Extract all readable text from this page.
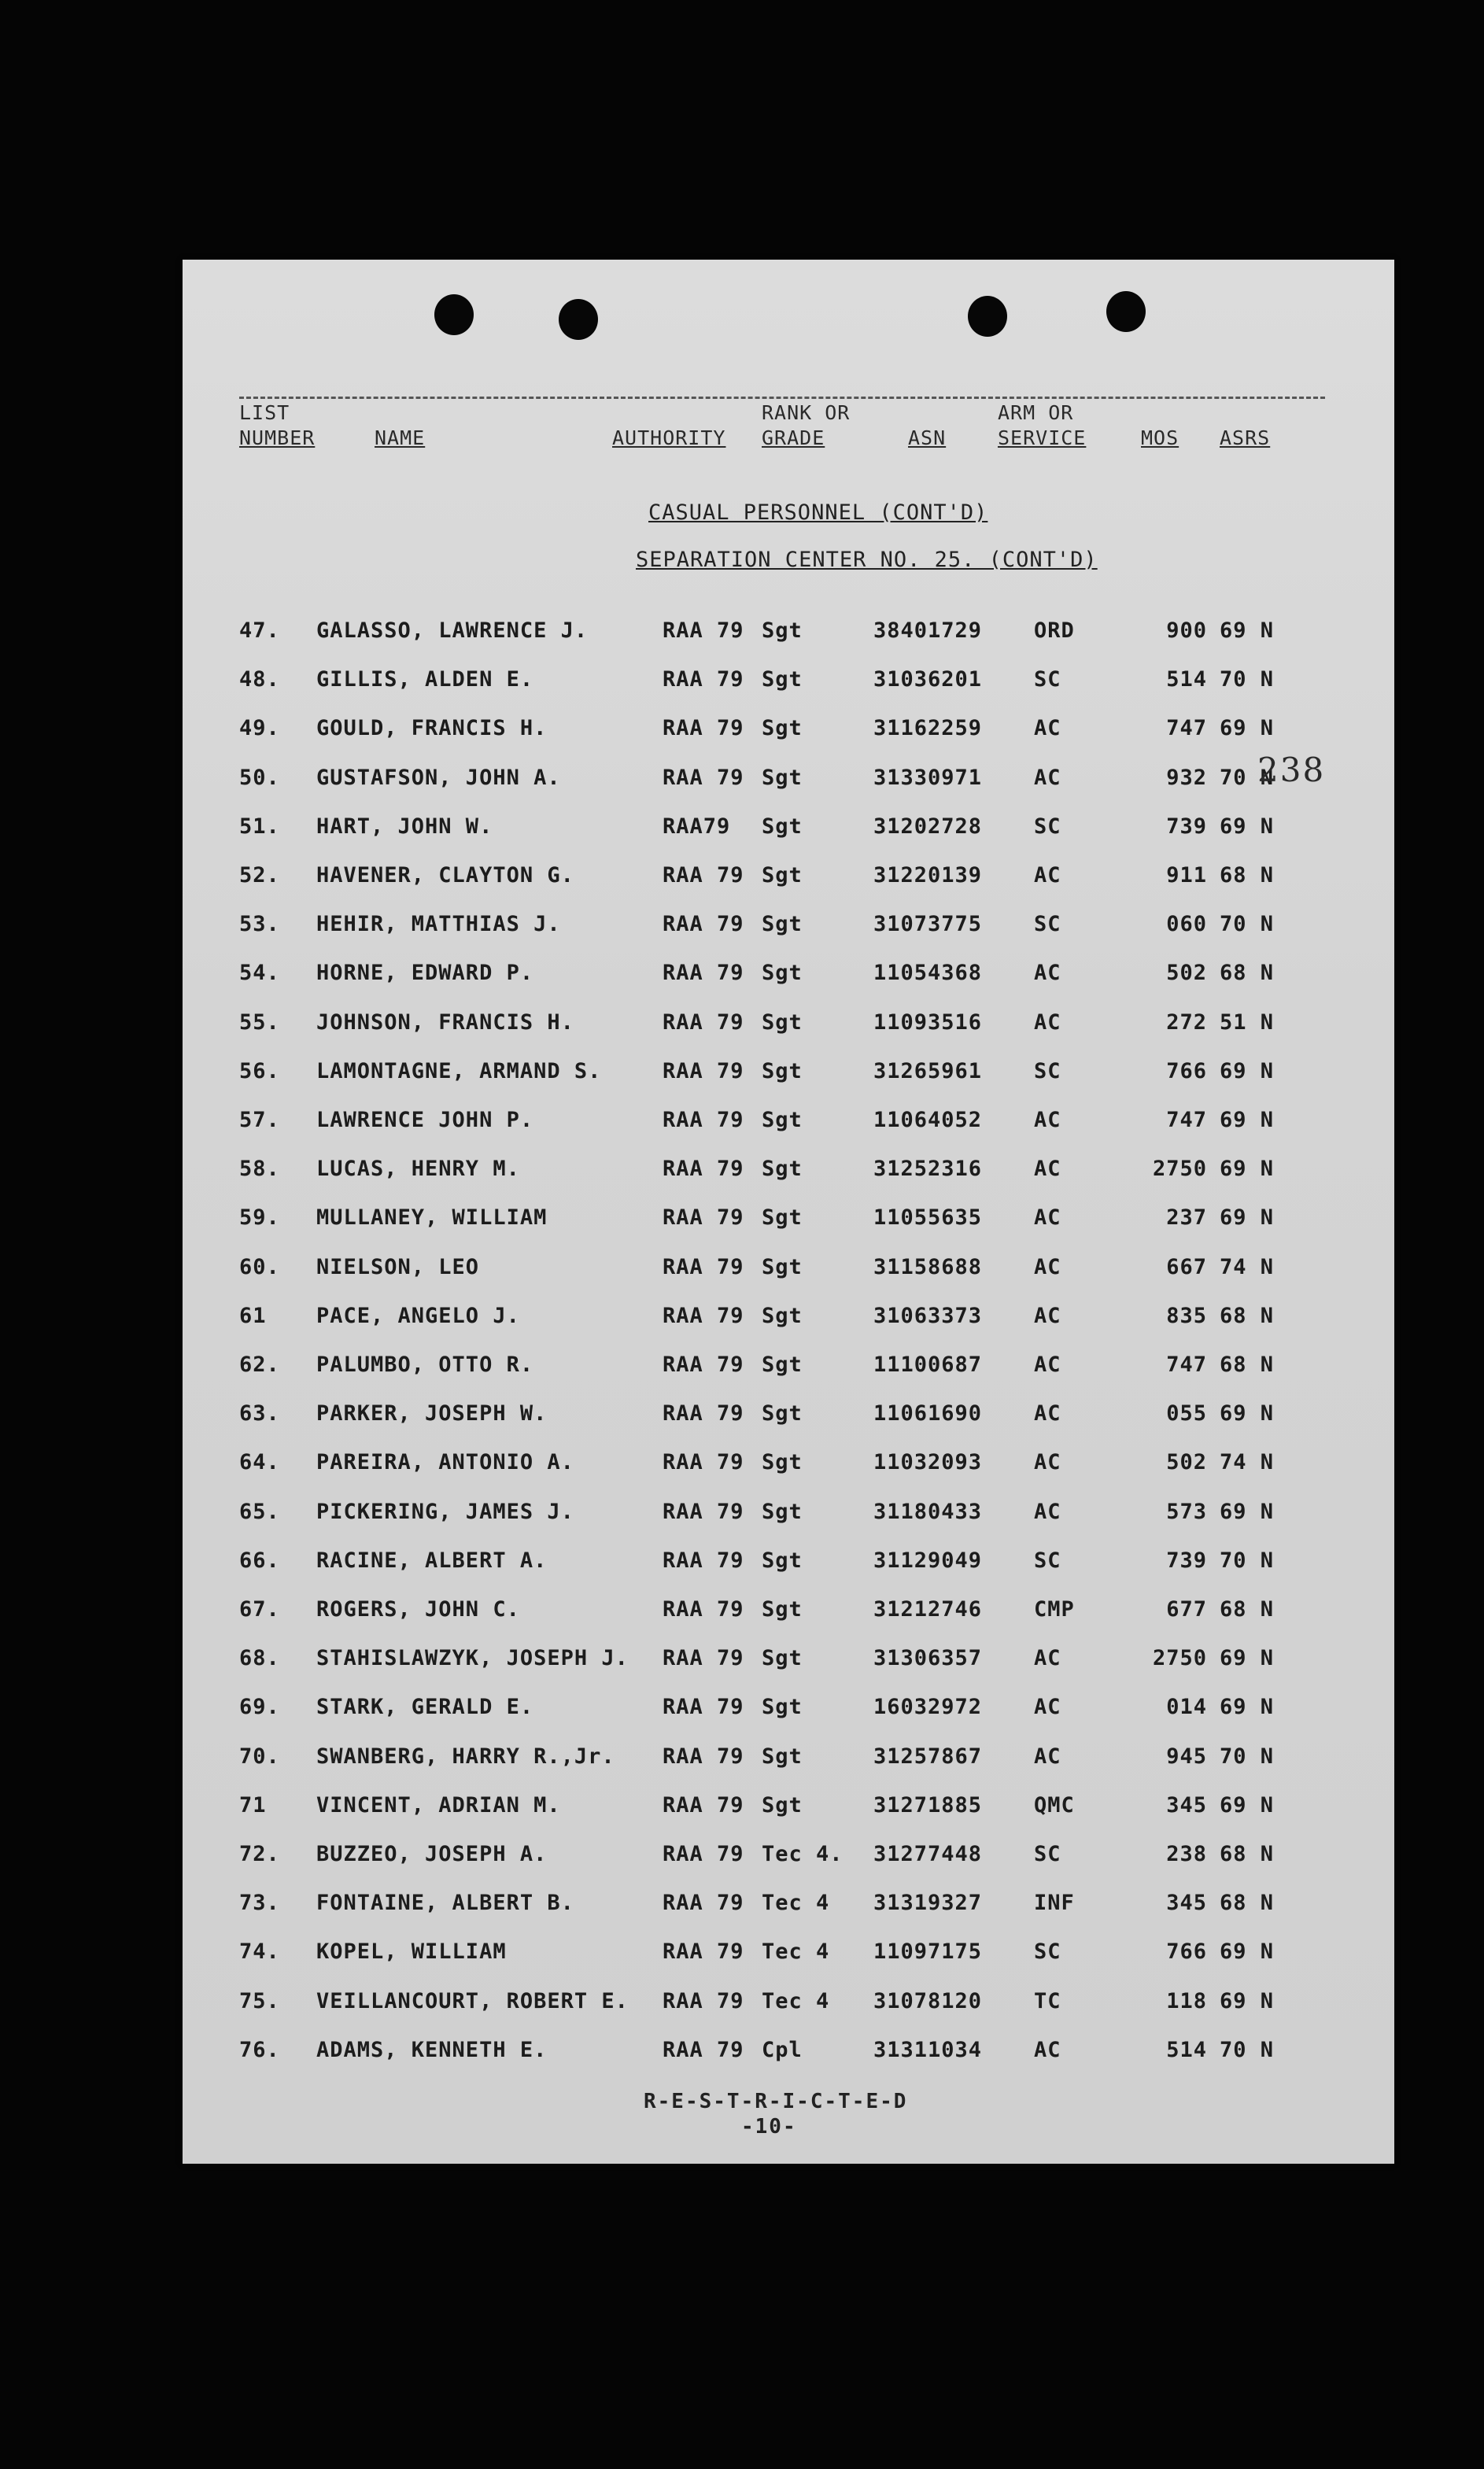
LIST
NUMBER	NAME	AUTHORITY
RANK OR
GRADE	ASN
ARM OR
SERVICE	MOS ASRS
CASUAL PERSONNEL (CONT'D)
SEPARATION CENTER NO. 25. (CONT'D)
47. GALASSO, LAWRENCE J.	RAA 79 Sgt	38401729 ORD	900 69 N
48. GILLIS, ALDEN E.	RAA 79 Sgt	31036201 SC	514 70 N
49. GOULD, FRANCIS H.	RAA 79 Sgt	31162259 AC	747 69 N
50. GUSTAFSON, JOHN A.	RAA 79 Sgt	31330971 AC	932 70 N
51. HART, JOHN W.	RAA79 Sgt	31202728 SC	739 69 N
52. HAVENER, CLAYTON G.	RAA 79 Sgt	31220139 AC	911 68 N
53. HEHIR, MATTHIAS J.	RAA 79 Sgt	31073775 SC	060 70 N
54. HORNE, EDWARD P.	RAA 79 Sgt	11054368 AC	502 68 N
55. JOHNSON, FRANCIS H.	RAA 79 Sgt	11093516 AC	272 51 N
56. LAMONTAGNE, ARMAND S.	RAA 79 Sgt	31265961 SC	766 69 N
57. LAWRENCE JOHN P.	RAA 79 Sgt	11064052 AC	747 69 N
58. LUCAS, HENRY M.	RAA 79 Sgt	31252316 AC	2750 69 N
59. MULLANEY, WILLIAM	RAA 79 Sgt	11055635 AC	237 69 N
60. NIELSON, LEO	RAA 79 Sgt	31158688 AC	667 74 N
61 PACE, ANGELO J.	RAA 79 Sgt	31063373 AC	835 68 N
62. PALUMBO, OTTO R.	RAA 79 Sgt	11100687 AC	747 68 N
63. PARKER, JOSEPH W.	RAA 79 Sgt	11061690 AC	055 69 N
64. PAREIRA, ANTONIO A.	RAA 79 Sgt	11032093 AC	502 74 N
65. PICKERING, JAMES J.	RAA 79 Sgt	31180433 AC	573 69 N
66. RACINE, ALBERT A.	RAA 79 Sgt	31129049 SC	739 70 N
67. ROGERS, JOHN C.	RAA 79 Sgt	31212746 CMP	677 68 N
68. STAHISLAWZYK, JOSEPH J. RAA 79 Sgt	31306357 AC	2750 69 N
69. STARK, GERALD E.	RAA 79 Sgt	16032972 AC	014 69 N
70. SWANBERG, HARRY R.,Jr. RAA 79 Sgt	31257867 AC	945 70 N
71 VINCENT, ADRIAN M.	RAA 79 Sgt	31271885 QMC	345 69 N
72. BUZZEO, JOSEPH A.	RAA 79 Tec 4. 31277448 SC	238 68 N
73. FONTAINE, ALBERT B.	RAA 79 Tec 4 31319327 INF	345 68 N
74. KOPEL, WILLIAM	RAA 79 Tec 4 11097175 SC	766 69 N
75. VEILLANCOURT, ROBERT E. RAA 79 Tec 4 31078120 TC	118 69 N
76. ADAMS, KENNETH E.	RAA 79 Cpl	31311034 AC	514 70 N
238
R-E-S-T-R-I-C-T-E-D
-10-
